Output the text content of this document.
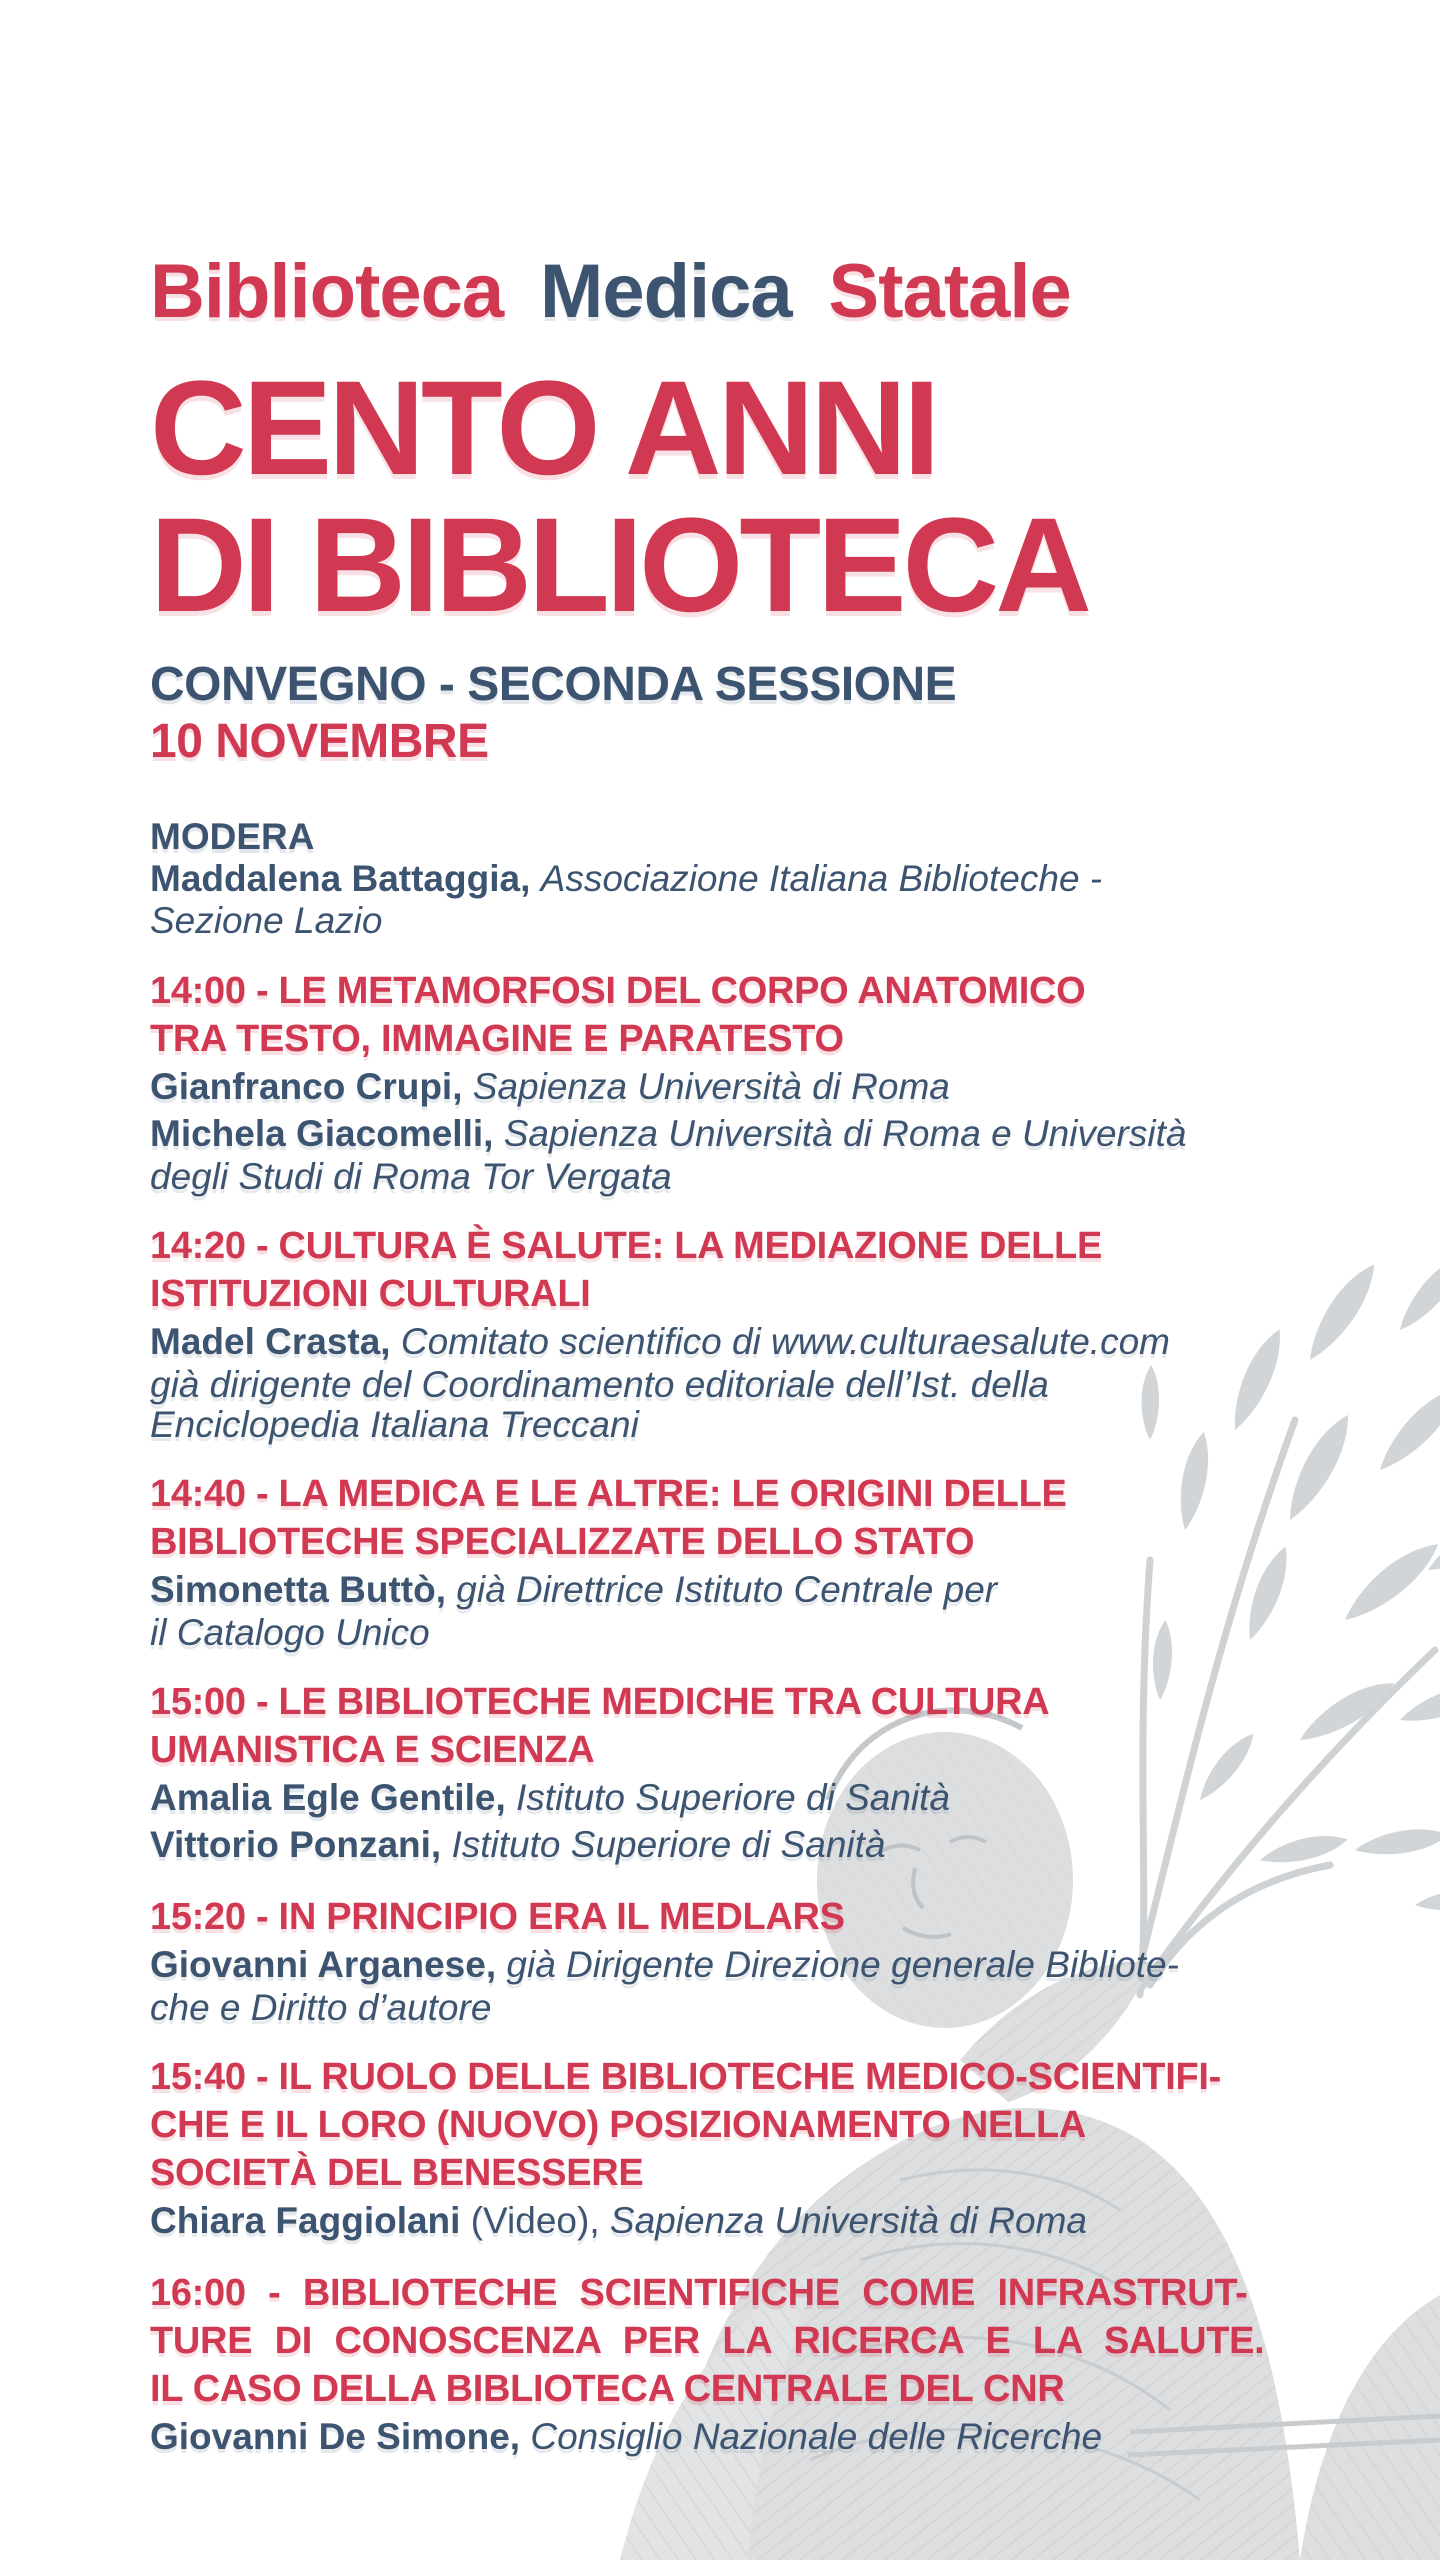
Biblioteca Medica Statale
CENTO ANNI
DI BIBLIOTECA
CONVEGNO - SECONDA SESSIONE
10 NOVEMBRE
MODERA
Maddalena Battaggia, Associazione Italiana Biblioteche -
Sezione Lazio
14:00 - LE METAMORFOSI DEL CORPO ANATOMICO
TRA TESTO, IMMAGINE E PARATESTO
Gianfranco Crupi, Sapienza Università di Roma
Michela Giacomelli, Sapienza Università di Roma e Università
degli Studi di Roma Tor Vergata
14:20 - CULTURA È SALUTE: LA MEDIAZIONE DELLE
ISTITUZIONI CULTURALI
Madel Crasta, Comitato scientifico di www.culturaesalute.com
già dirigente del Coordinamento editoriale dell’Ist. della
Enciclopedia Italiana Treccani
14:40 - LA MEDICA E LE ALTRE: LE ORIGINI DELLE
BIBLIOTECHE SPECIALIZZATE DELLO STATO
Simonetta Buttò, già Direttrice Istituto Centrale per
il Catalogo Unico
15:00 - LE BIBLIOTECHE MEDICHE TRA CULTURA
UMANISTICA E SCIENZA
Amalia Egle Gentile, Istituto Superiore di Sanità
Vittorio Ponzani, Istituto Superiore di Sanità
15:20 - IN PRINCIPIO ERA IL MEDLARS
Giovanni Arganese, già Dirigente Direzione generale Bibliote-
che e Diritto d’autore
15:40 - IL RUOLO DELLE BIBLIOTECHE MEDICO-SCIENTIFI-
CHE E IL LORO (NUOVO) POSIZIONAMENTO NELLA
SOCIETÀ DEL BENESSERE
Chiara Faggiolani (Video), Sapienza Università di Roma
16:00 - BIBLIOTECHE SCIENTIFICHE COME INFRASTRUT-
TURE DI CONOSCENZA PER LA RICERCA E LA SALUTE.
IL CASO DELLA BIBLIOTECA CENTRALE DEL CNR
Giovanni De Simone, Consiglio Nazionale delle Ricerche
